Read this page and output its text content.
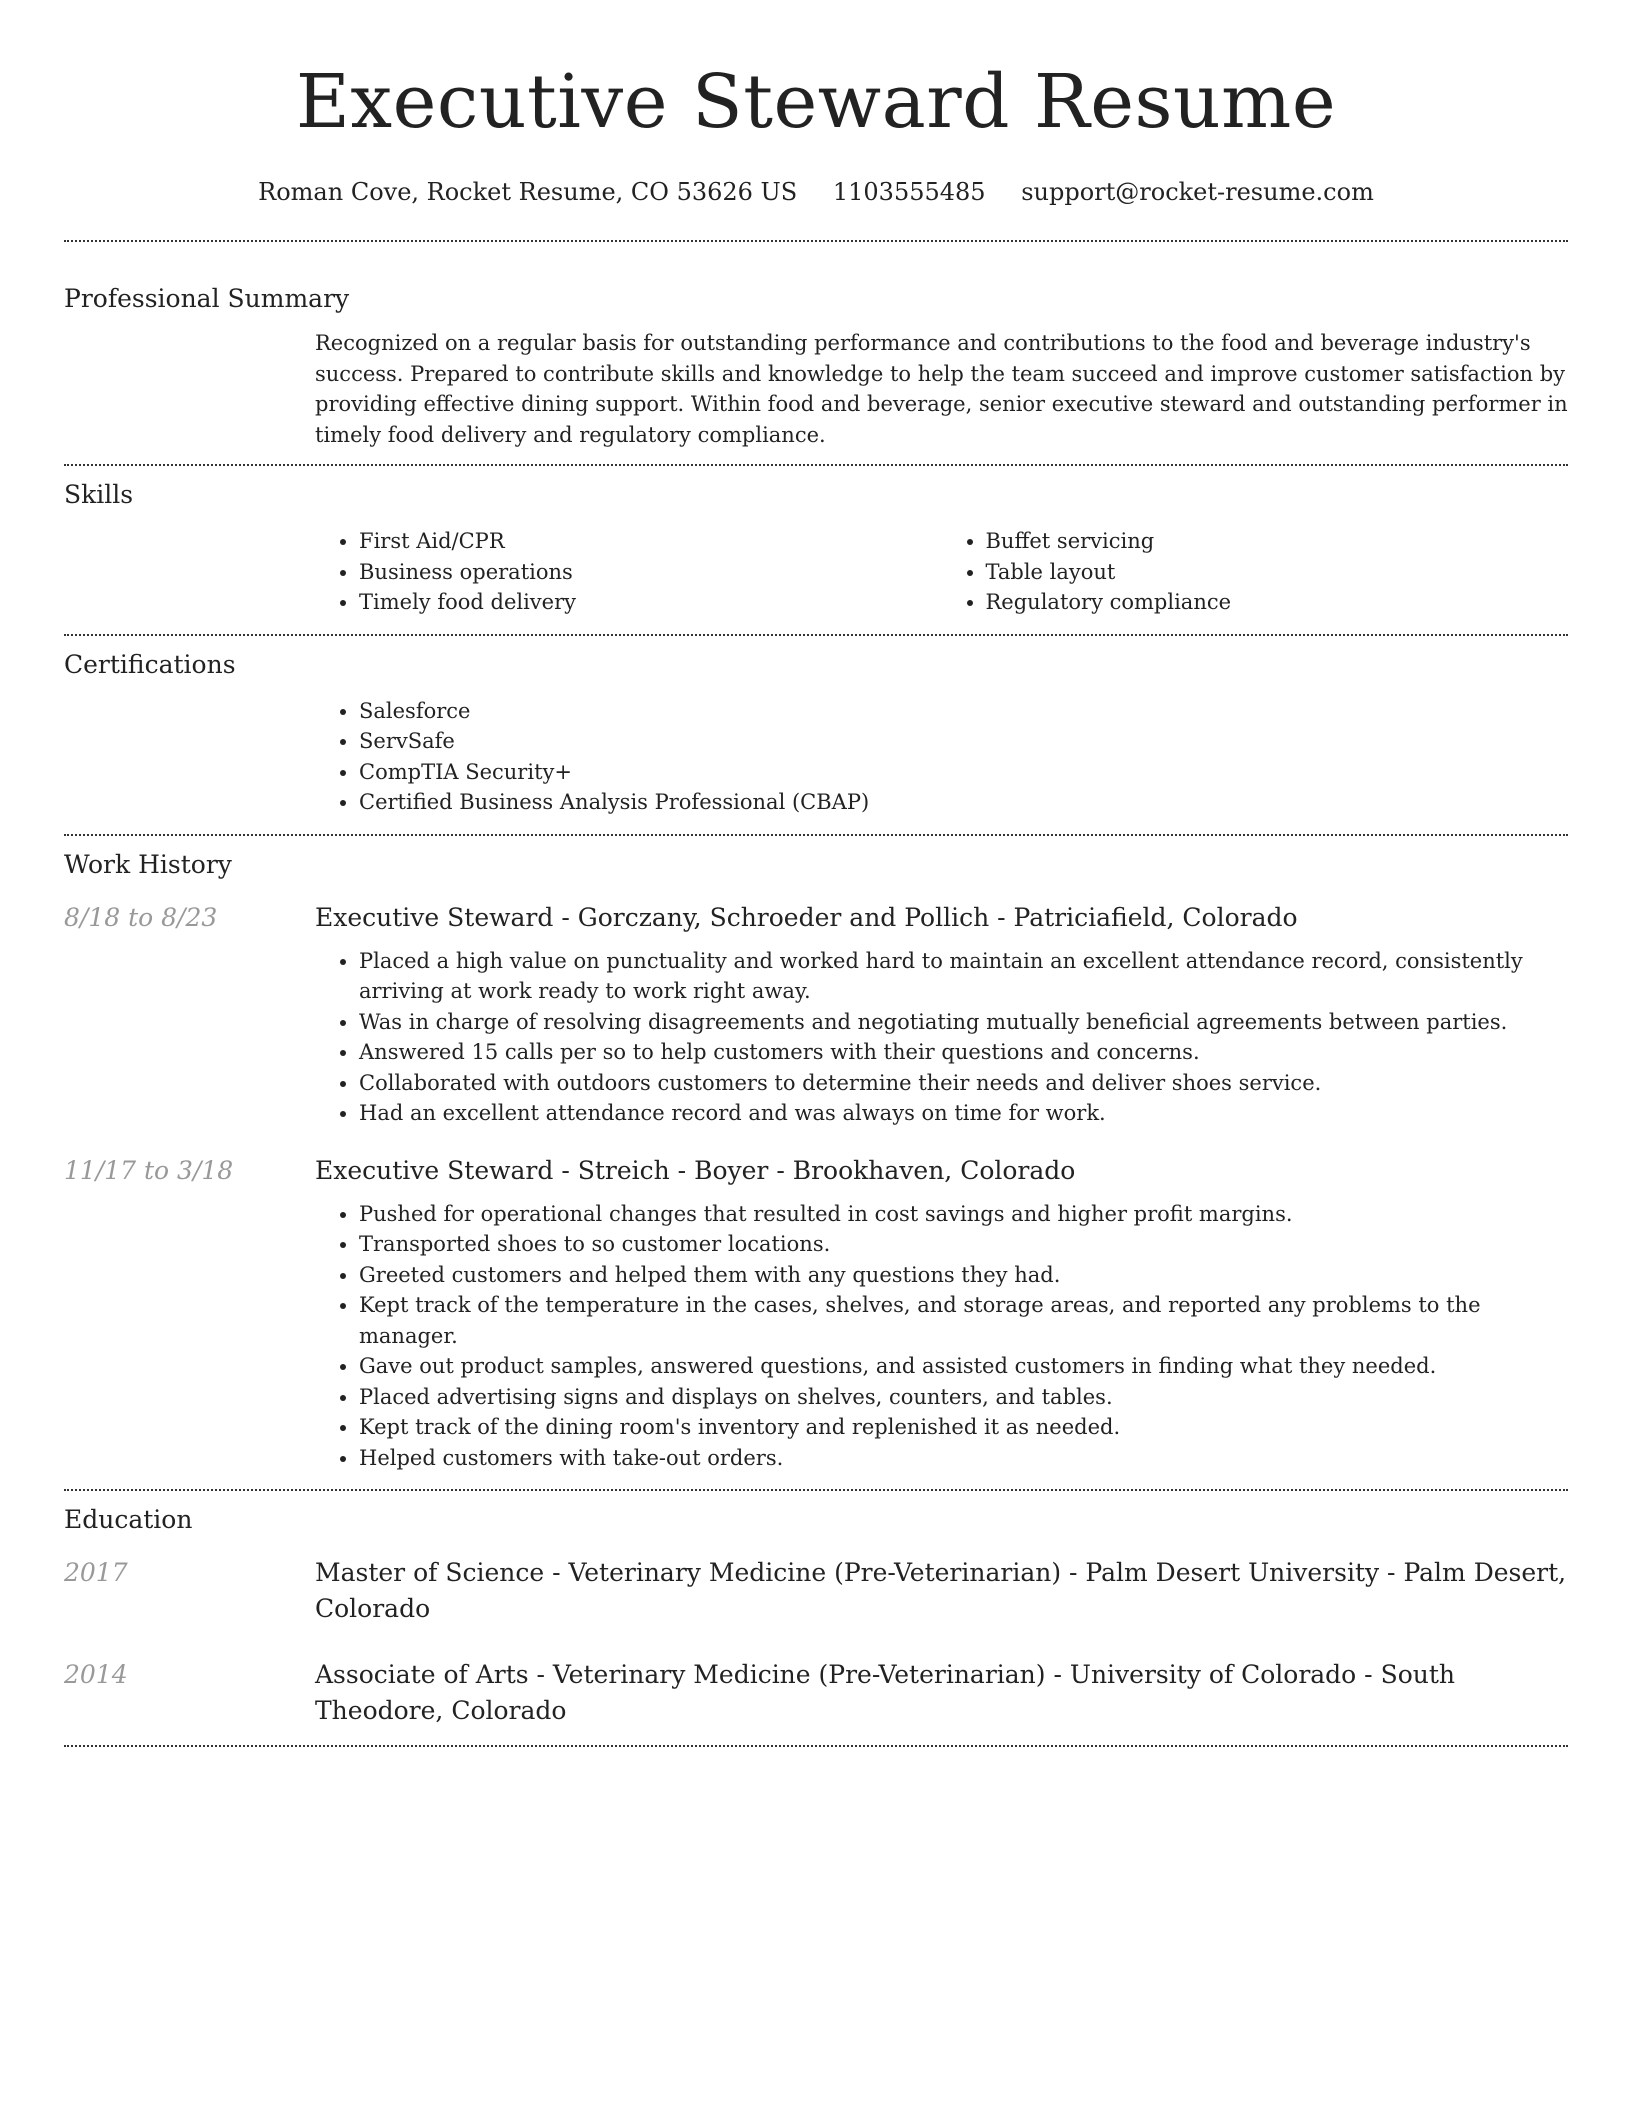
Executive Steward Resume
Roman Cove, Rocket Resume, CO 53626 US 1103555485 support@rocket-resume.com
Professional Summary

Recognized on a regular basis for outstanding performance and contributions to the food and beverage industry's success. Prepared to contribute skills and knowledge to help the team succeed and improve customer satisfaction by providing effective dining support. Within food and beverage, senior executive steward and outstanding performer in timely food delivery and regulatory compliance.

Skills
• First Aid/CPR
• Business operations
• Timely food delivery
• Buffet servicing
• Table layout
• Regulatory compliance
Certifications
• Salesforce
• ServSafe
• CompTIA Security+
• Certified Business Analysis Professional (CBAP)
Work History
8/18 to 8/23	Executive Steward - Gorczany, Schroeder and Pollich - Patriciafield, Colorado
• Placed a high value on punctuality and worked hard to maintain an excellent attendance record, consistently arriving at work ready to work right away.
• Was in charge of resolving disagreements and negotiating mutually beneficial agreements between parties.
• Answered 15 calls per so to help customers with their questions and concerns.
• Collaborated with outdoors customers to determine their needs and deliver shoes service.
• Had an excellent attendance record and was always on time for work.
11/17 to 3/18	Executive Steward - Streich - Boyer - Brookhaven, Colorado
• Pushed for operational changes that resulted in cost savings and higher profit margins.
• Transported shoes to so customer locations.
• Greeted customers and helped them with any questions they had.
• Kept track of the temperature in the cases, shelves, and storage areas, and reported any problems to the manager.
• Gave out product samples, answered questions, and assisted customers in finding what they needed.
• Placed advertising signs and displays on shelves, counters, and tables.
• Kept track of the dining room's inventory and replenished it as needed.
• Helped customers with take-out orders.
Education
2017	Master of Science - Veterinary Medicine (Pre-Veterinarian) - Palm Desert University - Palm Desert, Colorado
2014	Associate of Arts - Veterinary Medicine (Pre-Veterinarian) - University of Colorado - South Theodore, Colorado
